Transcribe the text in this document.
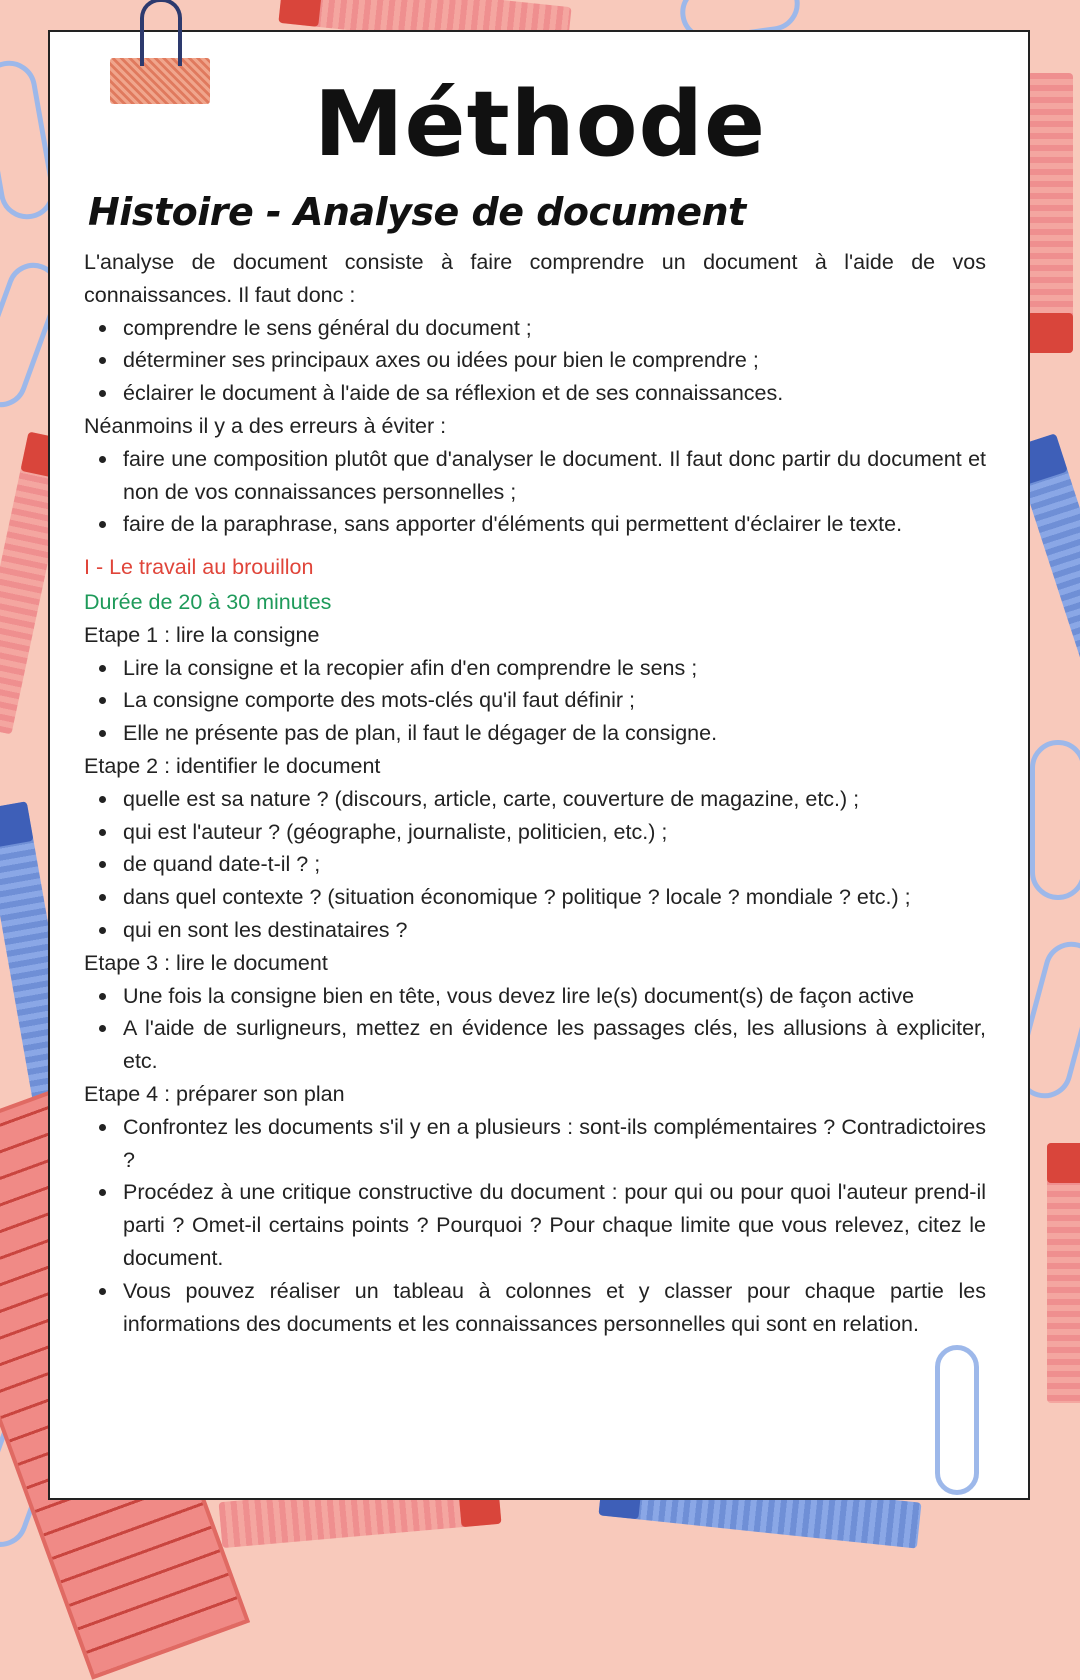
Méthode
Histoire - Analyse de document

L'analyse de document consiste à faire comprendre un document à l'aide de vos connaissances. Il faut donc :

comprendre le sens général du document ;
déterminer ses principaux axes ou idées pour bien le comprendre ;
éclairer le document à l'aide de sa réflexion et de ses connaissances.

Néanmoins il y a des erreurs à éviter :

faire une composition plutôt que d'analyser le document. Il faut donc partir du document et non de vos connaissances personnelles ;
faire de la paraphrase, sans apporter d'éléments qui permettent d'éclairer le texte.

I - Le travail au brouillon

Durée de 20 à 30 minutes

Etape 1 : lire la consigne

Lire la consigne et la recopier afin d'en comprendre le sens ;
La consigne comporte des mots-clés qu'il faut définir ;
Elle ne présente pas de plan, il faut le dégager de la consigne.

Etape 2 : identifier le document

quelle est sa nature ? (discours, article, carte, couverture de magazine, etc.) ;
qui est l'auteur ? (géographe, journaliste, politicien, etc.) ;
de quand date-t-il ? ;
dans quel contexte ? (situation économique ? politique ? locale ? mondiale ? etc.) ;
qui en sont les destinataires ?

Etape 3 : lire le document

Une fois la consigne bien en tête, vous devez lire le(s) document(s) de façon active
A l'aide de surligneurs, mettez en évidence les passages clés, les allusions à expliciter, etc.

Etape 4 : préparer son plan

Confrontez les documents s'il y en a plusieurs : sont-ils complémentaires ? Contradictoires ?
Procédez à une critique constructive du document : pour qui ou pour quoi l'auteur prend-il parti ? Omet-il certains points ? Pourquoi ? Pour chaque limite que vous relevez, citez le document.
Vous pouvez réaliser un tableau à colonnes et y classer pour chaque partie les informations des documents et les connaissances personnelles qui sont en relation.
